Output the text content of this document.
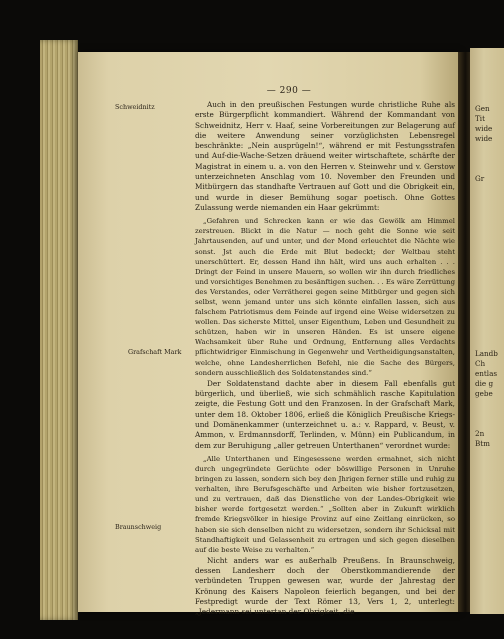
Gen
Tit
wide
wide
Gr
Landb
Ch
entlas
die g
gebe
2n
Btm
— 290 —
Schweidnitz
Grafschaft Mark
Braunschweig

Auch in den preußischen Festungen wurde christliche Ruhe als erste Bürgerpflicht kommandiert. Während der Kommandant von Schweidnitz, Herr v. Haaf, seine Vorbereitungen zur Belagerung auf die weitere Anwendung seiner vorzüglichsten Lebensregel beschränkte: „Nein ausprügeln!“, während er mit Festungsstrafen und Auf-die-Wache-Setzen dräuend weiter wirtschaftete, schärfte der Magistrat in einem u. a. von den Herren v. Steinwehr und v. Gerstow unterzeichneten Anschlag vom 10. November den Freunden und Mitbürgern das standhafte Vertrauen auf Gott und die Obrigkeit ein, und wurde in dieser Bemühung sogar poetisch. Ohne Gottes Zulassung werde niemanden ein Haar gekrümmt:

„Gefahren und Schrecken kann er wie das Gewölk am Himmel zerstreuen. Blickt in die Natur — noch geht die Sonne wie seit Jahrtausenden, auf und unter, und der Mond erleuchtet die Nächte wie sonst. Jst auch die Erde mit Blut bedeckt; der Weltbau steht unerschüttert. Er, dessen Hand ihn hält, wird uns auch erhalten . . . Dringt der Feind in unsere Mauern, so wollen wir ihn durch friedliches und vorsichtiges Benehmen zu besänftigen suchen. . . Es wäre Zerrüttung des Verstandes, oder Verrätherei gegen seine Mitbürger und gegen sich selbst, wenn jemand unter uns sich könnte einfallen lassen, sich aus falschem Patriotismus dem Feinde auf irgend eine Weise widersetzen zu wollen. Das sicherste Mittel, unser Eigenthum, Leben und Gesundheit zu schützen, haben wir in unseren Händen. Es ist unsere eigene Wachsamkeit über Ruhe und Ordnung, Entfernung alles Verdachts pflichtwidriger Einmischung in Gegenwehr und Vertheidigungsanstalten, welche, ohne Landesherrlichen Befehl, nie die Sache des Bürgers, sondern ausschließlich des Soldatenstandes sind.“

Der Soldatenstand dachte aber in diesem Fall ebenfalls gut bürgerlich, und überließ, wie sich schmählich rasche Kapitulation zeigte, die Festung Gott und den Franzosen. In der Grafschaft Mark, unter dem 18. Oktober 1806, erließ die Königlich Preußische Kriegs- und Domänenkammer (unterzeichnet u. a.: v. Rappard, v. Beust, v. Ammon, v. Erdmannsdorff, Terlinden, v. Münn) ein Publicandum, in dem zur Beruhigung „aller getreuen Unterthanen“ verordnet wurde:

„Alle Unterthanen und Eingesessene werden ermahnet, sich nicht durch ungegründete Gerüchte oder böswillige Personen in Unruhe bringen zu lassen, sondern sich bey den Jhrigen ferner stille und ruhig zu verhalten, ihre Berufsgeschäfte und Arbeiten wie bisher fortzusetzen, und zu vertrauen, daß das Dienstliche von der Landes-Obrigkeit wie bisher werde fortgesetzt werden.“ „Sollten aber in Zukunft wirklich fremde Kriegsvölker in hiesige Provinz auf eine Zeitlang einrücken, so haben sie sich denselben nicht zu widersetzen, sondern ihr Schicksal mit Standhaftigkeit und Gelassenheit zu ertragen und sich gegen dieselben auf die beste Weise zu verhalten.“

Nicht anders war es außerhalb Preußens. In Braunschweig, dessen Landesherr doch der Oberstkommandierende der verbündeten Truppen gewesen war, wurde der Jahrestag der Krönung des Kaisers Napoleon feierlich begangen, und bei der Festpredigt wurde der Text Römer 13, Vers 1, 2, unterlegt: „Jedermann sei untertan der Obrigkeit, die
